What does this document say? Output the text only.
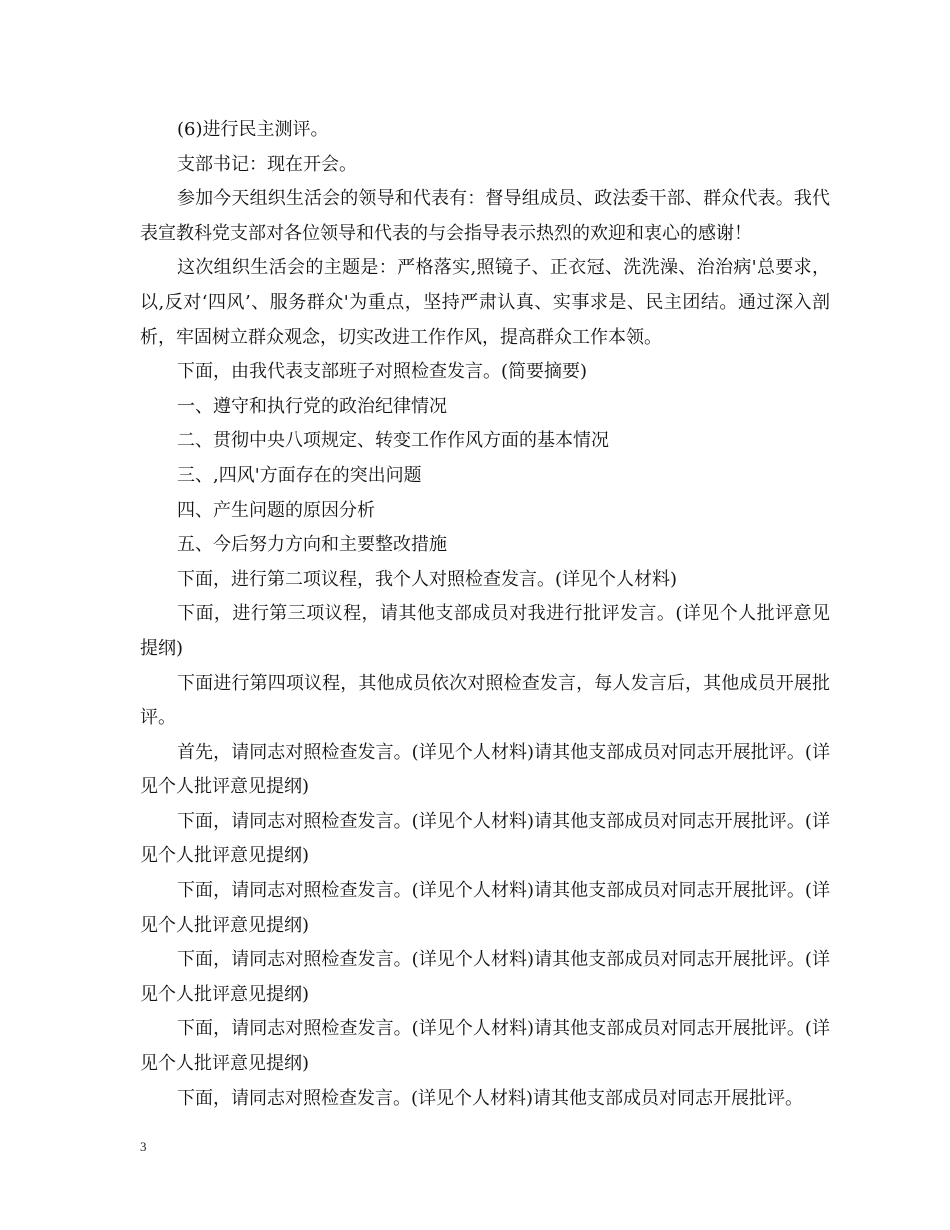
(6)进行民主测评。

支部书记：现在开会。

参加今天组织生活会的领导和代表有：督导组成员、政法委干部、群众代表。我代表宣教科党支部对各位领导和代表的与会指导表示热烈的欢迎和衷心的感谢！

这次组织生活会的主题是：严格落实,照镜子、正衣冠、洗洗澡、治治病'总要求，以,反对‘四风’、服务群众'为重点，坚持严肃认真、实事求是、民主团结。通过深入剖析，牢固树立群众观念，切实改进工作作风，提高群众工作本领。

下面，由我代表支部班子对照检查发言。(简要摘要)

一、遵守和执行党的政治纪律情况

二、贯彻中央八项规定、转变工作作风方面的基本情况

三、,四风'方面存在的突出问题

四、产生问题的原因分析

五、今后努力方向和主要整改措施

下面，进行第二项议程，我个人对照检查发言。(详见个人材料)

下面，进行第三项议程，请其他支部成员对我进行批评发言。(详见个人批评意见提纲)

下面进行第四项议程，其他成员依次对照检查发言，每人发言后，其他成员开展批评。

首先，请同志对照检查发言。(详见个人材料)请其他支部成员对同志开展批评。(详见个人批评意见提纲)

下面，请同志对照检查发言。(详见个人材料)请其他支部成员对同志开展批评。(详见个人批评意见提纲)

下面，请同志对照检查发言。(详见个人材料)请其他支部成员对同志开展批评。(详见个人批评意见提纲)

下面，请同志对照检查发言。(详见个人材料)请其他支部成员对同志开展批评。(详见个人批评意见提纲)

下面，请同志对照检查发言。(详见个人材料)请其他支部成员对同志开展批评。(详见个人批评意见提纲)

下面，请同志对照检查发言。(详见个人材料)请其他支部成员对同志开展批评。

3
